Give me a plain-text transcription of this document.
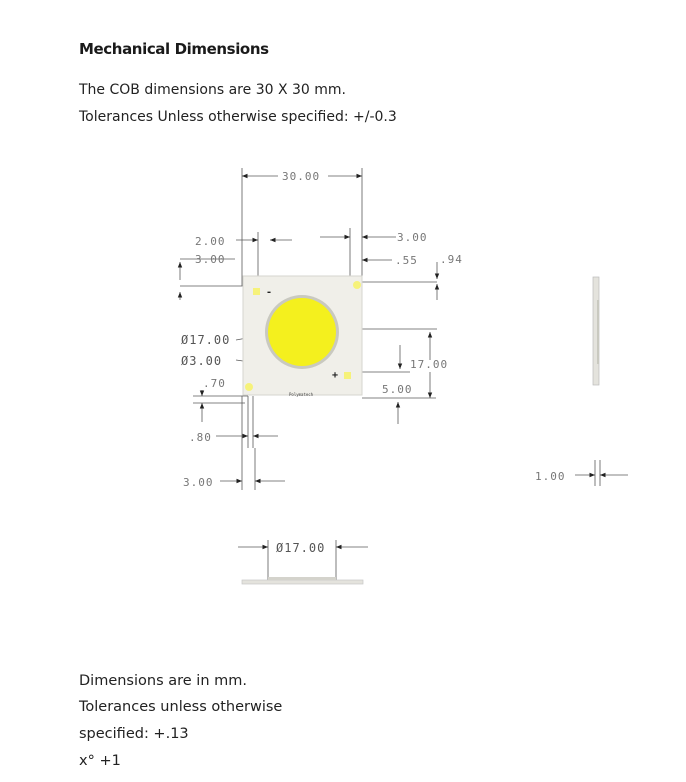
Mechanical Dimensions
The COB dimensions are 30 X 30 mm.
Tolerances Unless otherwise specified: +/-0.3
-
+
Polymatech
30.00
2.00
3.00
3.00
.55 .94
Ø17.00
Ø3.00
.70
17.00
5.00
.80
3.00	1.00
Ø17.00
Dimensions are in mm.
Tolerances unless otherwise
specified: +.13
x° +1
